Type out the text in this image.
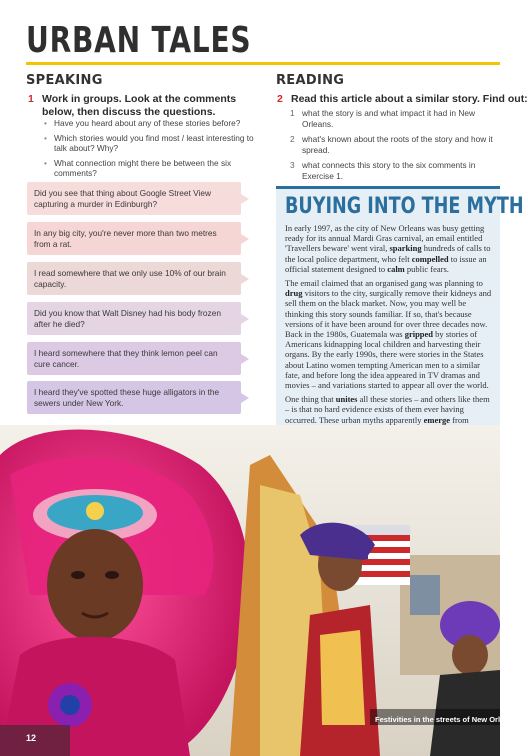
URBAN TALES
SPEAKING	READING
1 Work in groups. Look at the comments below, then discuss the questions.
• Have you heard about any of these stories before?
• Which stories would you find most / least interesting to talk about? Why?
• What connection might there be between the six comments?
Did you see that thing about Google Street View capturing a murder in Edinburgh?
In any big city, you're never more than two metres from a rat.
I read somewhere that we only use 10% of our brain capacity.
Did you know that Walt Disney had his body frozen after he died?
I heard somewhere that they think lemon peel can cure cancer.
I heard they've spotted these huge alligators in the sewers under New York.
2 Read this article about a similar story. Find out:
1 what the story is and what impact it had in New Orleans.
2 what's known about the roots of the story and how it spread.
3 what connects this story to the six comments in Exercise 1.
BUYING INTO THE MYTH

In early 1997, as the city of New Orleans was busy getting ready for its annual Mardi Gras carnival, an email entitled 'Travellers beware' went viral, sparking hundreds of calls to the local police department, who felt compelled to issue an official statement designed to calm public fears.

The email claimed that an organised gang was planning to drug visitors to the city, surgically remove their kidneys and sell them on the black market. Now, you may well be thinking this story sounds familiar. If so, that's because versions of it have been around for over three decades now. Back in the 1980s, Guatemala was gripped by stories of Americans kidnapping local children and harvesting their organs. By the early 1990s, there were stories in the States about Latino women tempting American men to a similar fate, and before long the idea appeared in TV dramas and movies – and variations started to appear all over the world.

One thing that unites all these stories – and others like them – is that no hard evidence exists of them ever having occurred. These urban myths apparently emerge from

Festivities in the streets of New Orleans
12
